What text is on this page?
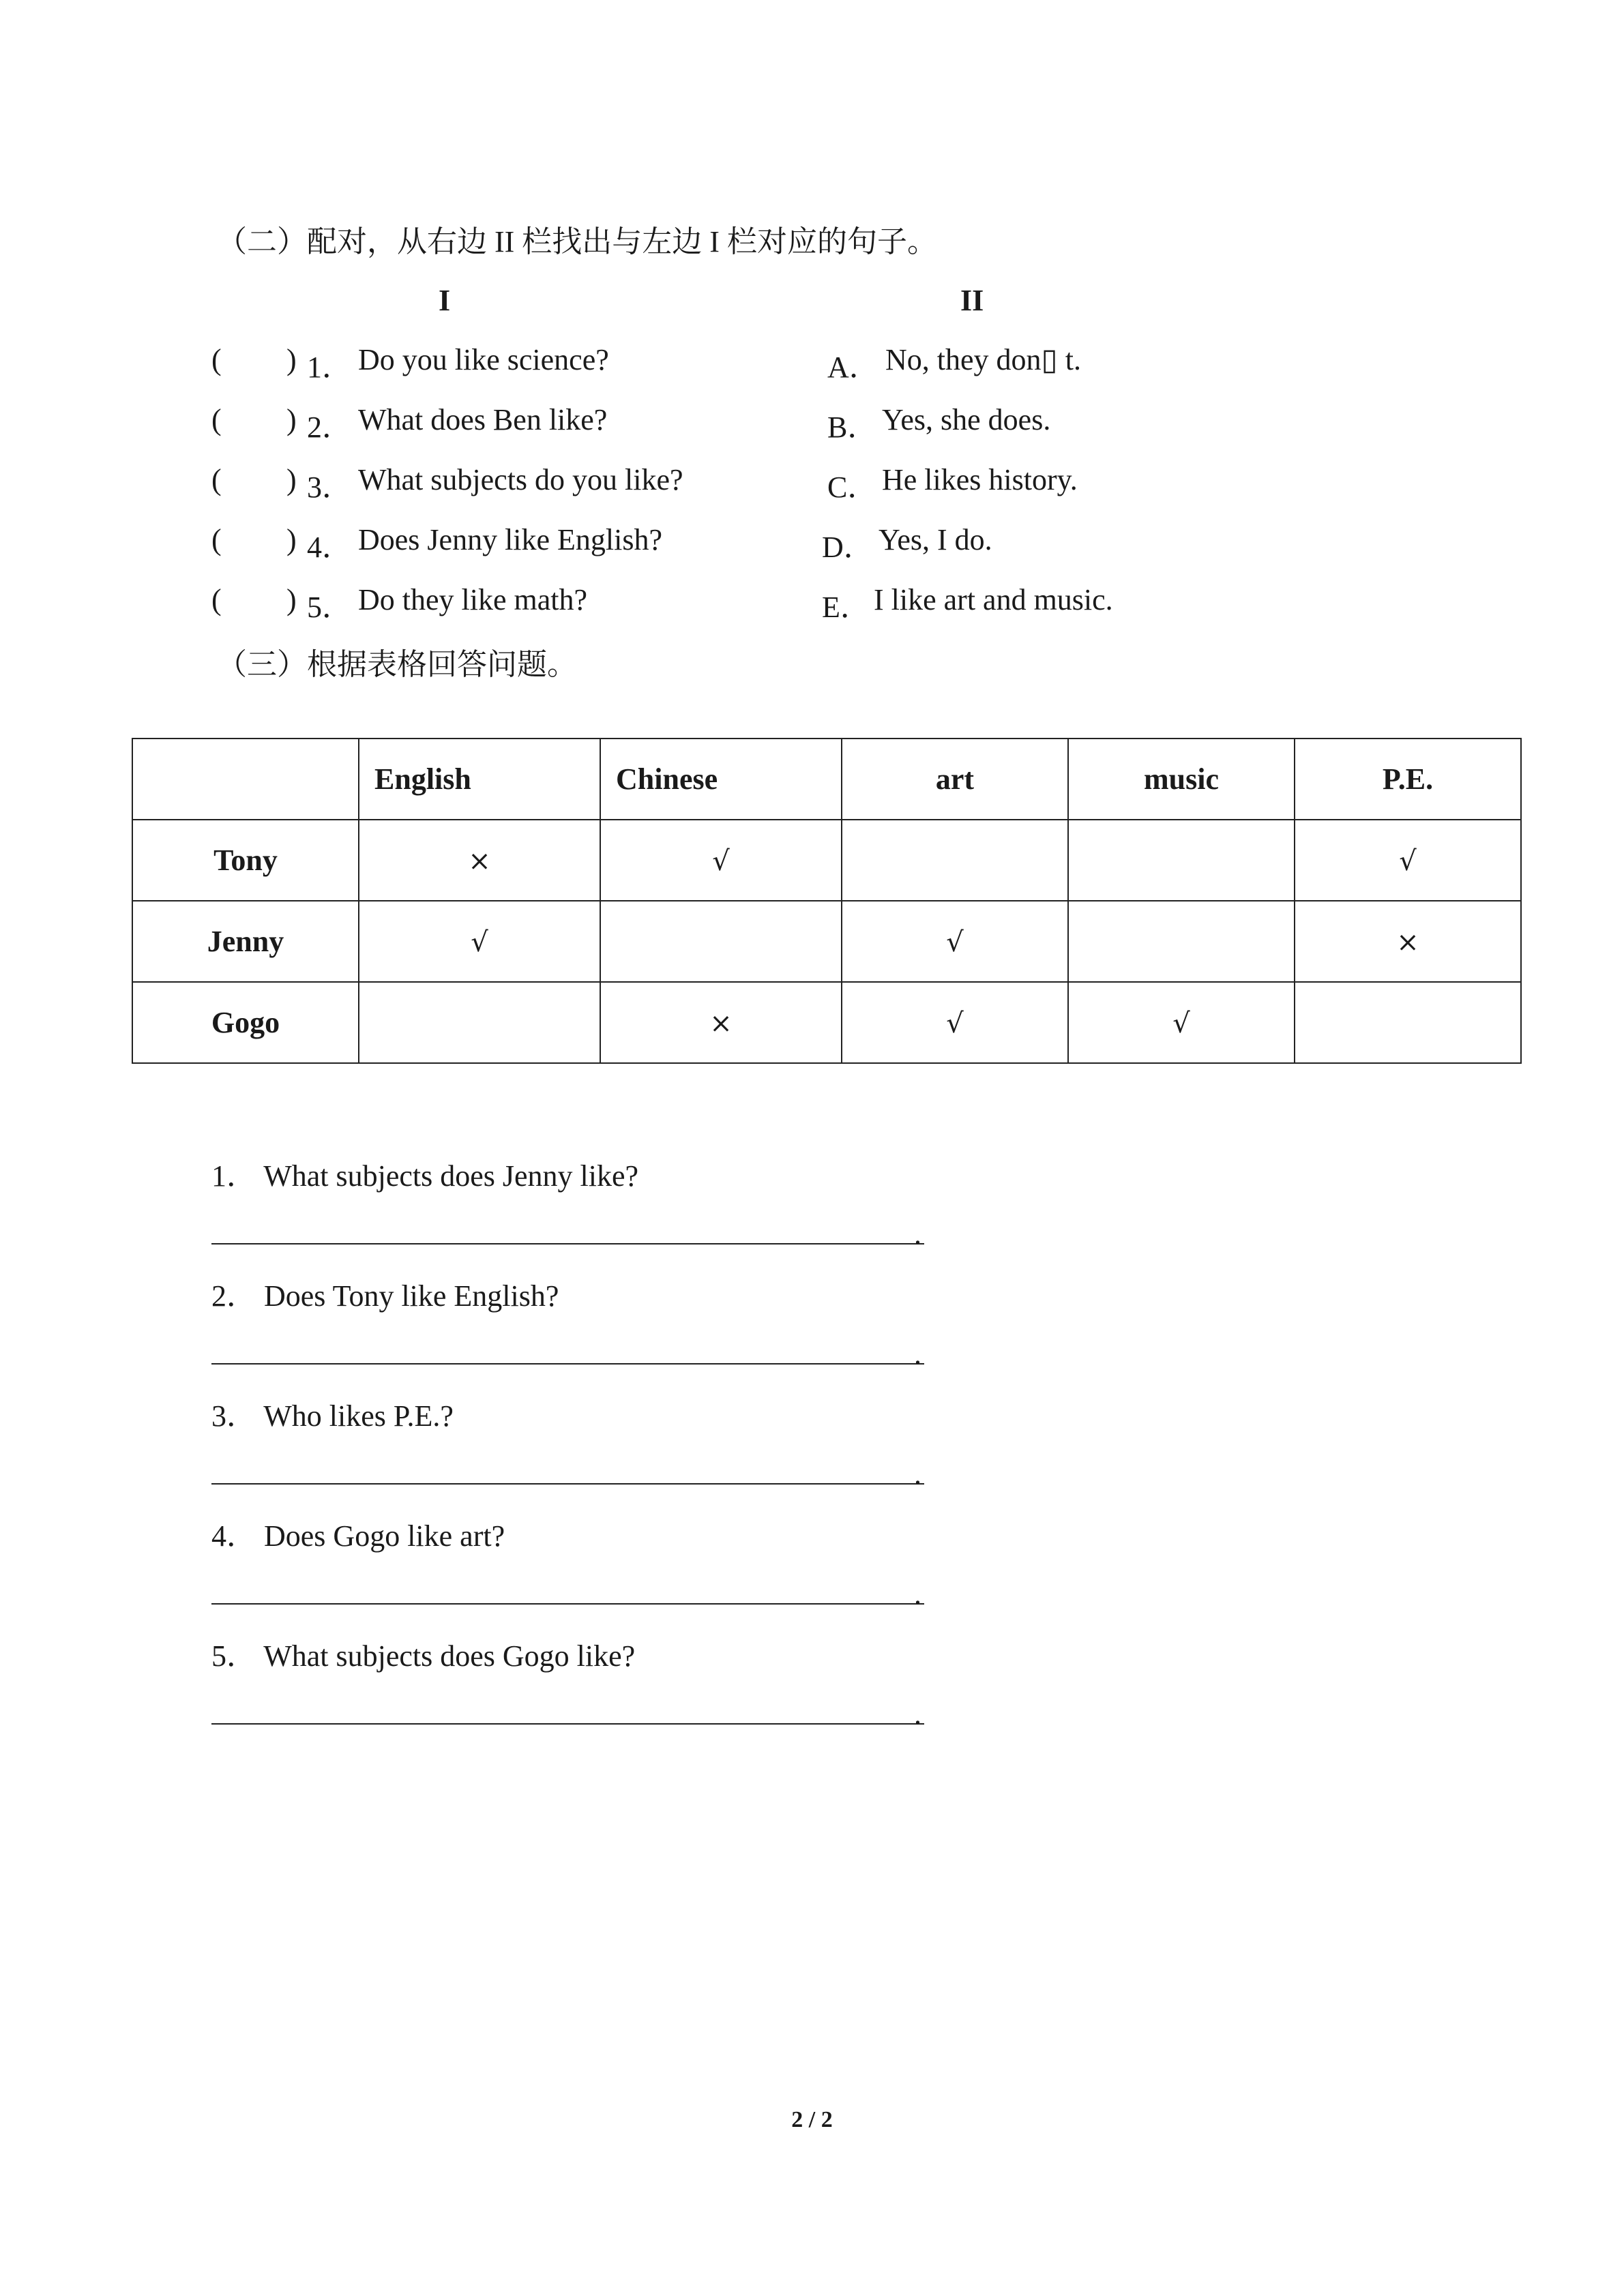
（二）配对，从右边 II 栏找出与左边 I 栏对应的句子。
I	II
( ) 1． Do you like science?	A． No, they don▯ t.
( ) 2． What does Ben like?	B． Yes, she does.
( ) 3． What subjects do you like?	C． He likes history.
( ) 4． Does Jenny like English?	D． Yes, I do.
( ) 5． Do they like math?	E． I like art and music.
（三）根据表格回答问题。
	English	Chinese	art	music	P.E.
Tony	×	√			√
Jenny	√		√		×
Gogo		×	√	√	
1． What subjects does Jenny like?
.
2． Does Tony like English?
.
3． Who likes P.E.?
.
4． Does Gogo like art?
.
5． What subjects does Gogo like?
.
2 / 2
